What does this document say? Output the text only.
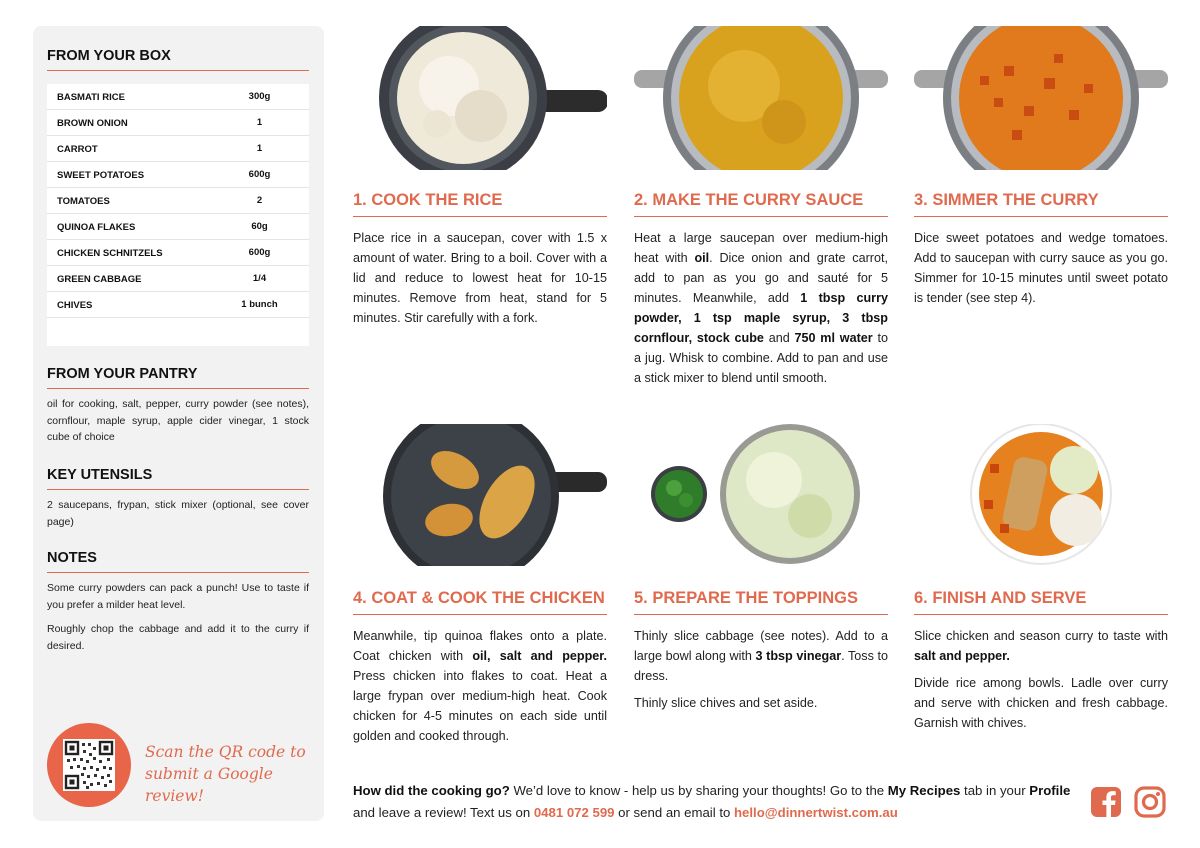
FROM YOUR BOX
BASMATI RICE	300g
BROWN ONION	1
CARROT	1
SWEET POTATOES	600g
TOMATOES	2
QUINOA FLAKES	60g
CHICKEN SCHNITZELS	600g
GREEN CABBAGE	1/4
CHIVES	1 bunch
FROM YOUR PANTRY
oil for cooking, salt, pepper, curry powder (see notes), cornflour, maple syrup, apple cider vinegar, 1 stock cube of choice
KEY UTENSILS
2 saucepans, frypan, stick mixer (optional, see cover page)
NOTES
Some curry powders can pack a punch! Use to taste if you prefer a milder heat level.
Roughly chop the cabbage and add it to the curry if desired.
Scan the QR code to
submit a Google review!
1. COOK THE RICE

Place rice in a saucepan, cover with 1.5 x amount of water. Bring to a boil. Cover with a lid and reduce to lowest heat for 10-15 minutes. Remove from heat, stand for 5 minutes. Stir carefully with a fork.

2. MAKE THE CURRY SAUCE

Heat a large saucepan over medium-high heat with oil. Dice onion and grate carrot, add to pan as you go and sauté for 5 minutes. Meanwhile, add 1 tbsp curry powder, 1 tsp maple syrup, 3 tbsp cornflour, stock cube and 750 ml water to a jug. Whisk to combine. Add to pan and use a stick mixer to blend until smooth.

3. SIMMER THE CURRY

Dice sweet potatoes and wedge tomatoes. Add to saucepan with curry sauce as you go. Simmer for 10-15 minutes until sweet potato is tender (see step 4).

4. COAT & COOK THE CHICKEN

Meanwhile, tip quinoa flakes onto a plate. Coat chicken with oil, salt and pepper. Press chicken into flakes to coat. Heat a large frypan over medium-high heat. Cook chicken for 4-5 minutes on each side until golden and cooked through.

5. PREPARE THE TOPPINGS

Thinly slice cabbage (see notes). Add to a large bowl along with 3 tbsp vinegar. Toss to dress.

Thinly slice chives and set aside.

6. FINISH AND SERVE

Slice chicken and season curry to taste with salt and pepper.

Divide rice among bowls. Ladle over curry and serve with chicken and fresh cabbage. Garnish with chives.

How did the cooking go? We’d love to know - help us by sharing your thoughts! Go to the My Recipes tab in your Profile and leave a review! Text us on 0481 072 599 or send an email to hello@dinnertwist.com.au
